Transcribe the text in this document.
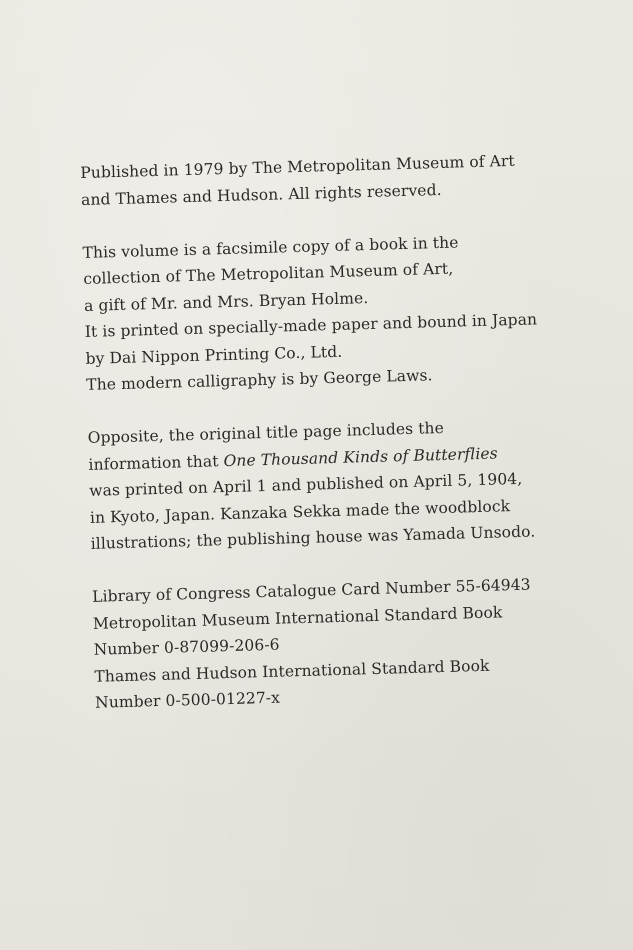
Published in 1979 by The Metropolitan Museum of Art
and Thames and Hudson. All rights reserved.

This volume is a facsimile copy of a book in the
collection of The Metropolitan Museum of Art,
a gift of Mr. and Mrs. Bryan Holme.
It is printed on specially-made paper and bound in Japan
by Dai Nippon Printing Co., Ltd.
The modern calligraphy is by George Laws.

Opposite, the original title page includes the
information that One Thousand Kinds of Butterflies
was printed on April 1 and published on April 5, 1904,
in Kyoto, Japan. Kanzaka Sekka made the woodblock
illustrations; the publishing house was Yamada Unsodo.

Library of Congress Catalogue Card Number 55-64943
Metropolitan Museum International Standard Book
Number 0-87099-206-6
Thames and Hudson International Standard Book
Number 0-500-01227-x
